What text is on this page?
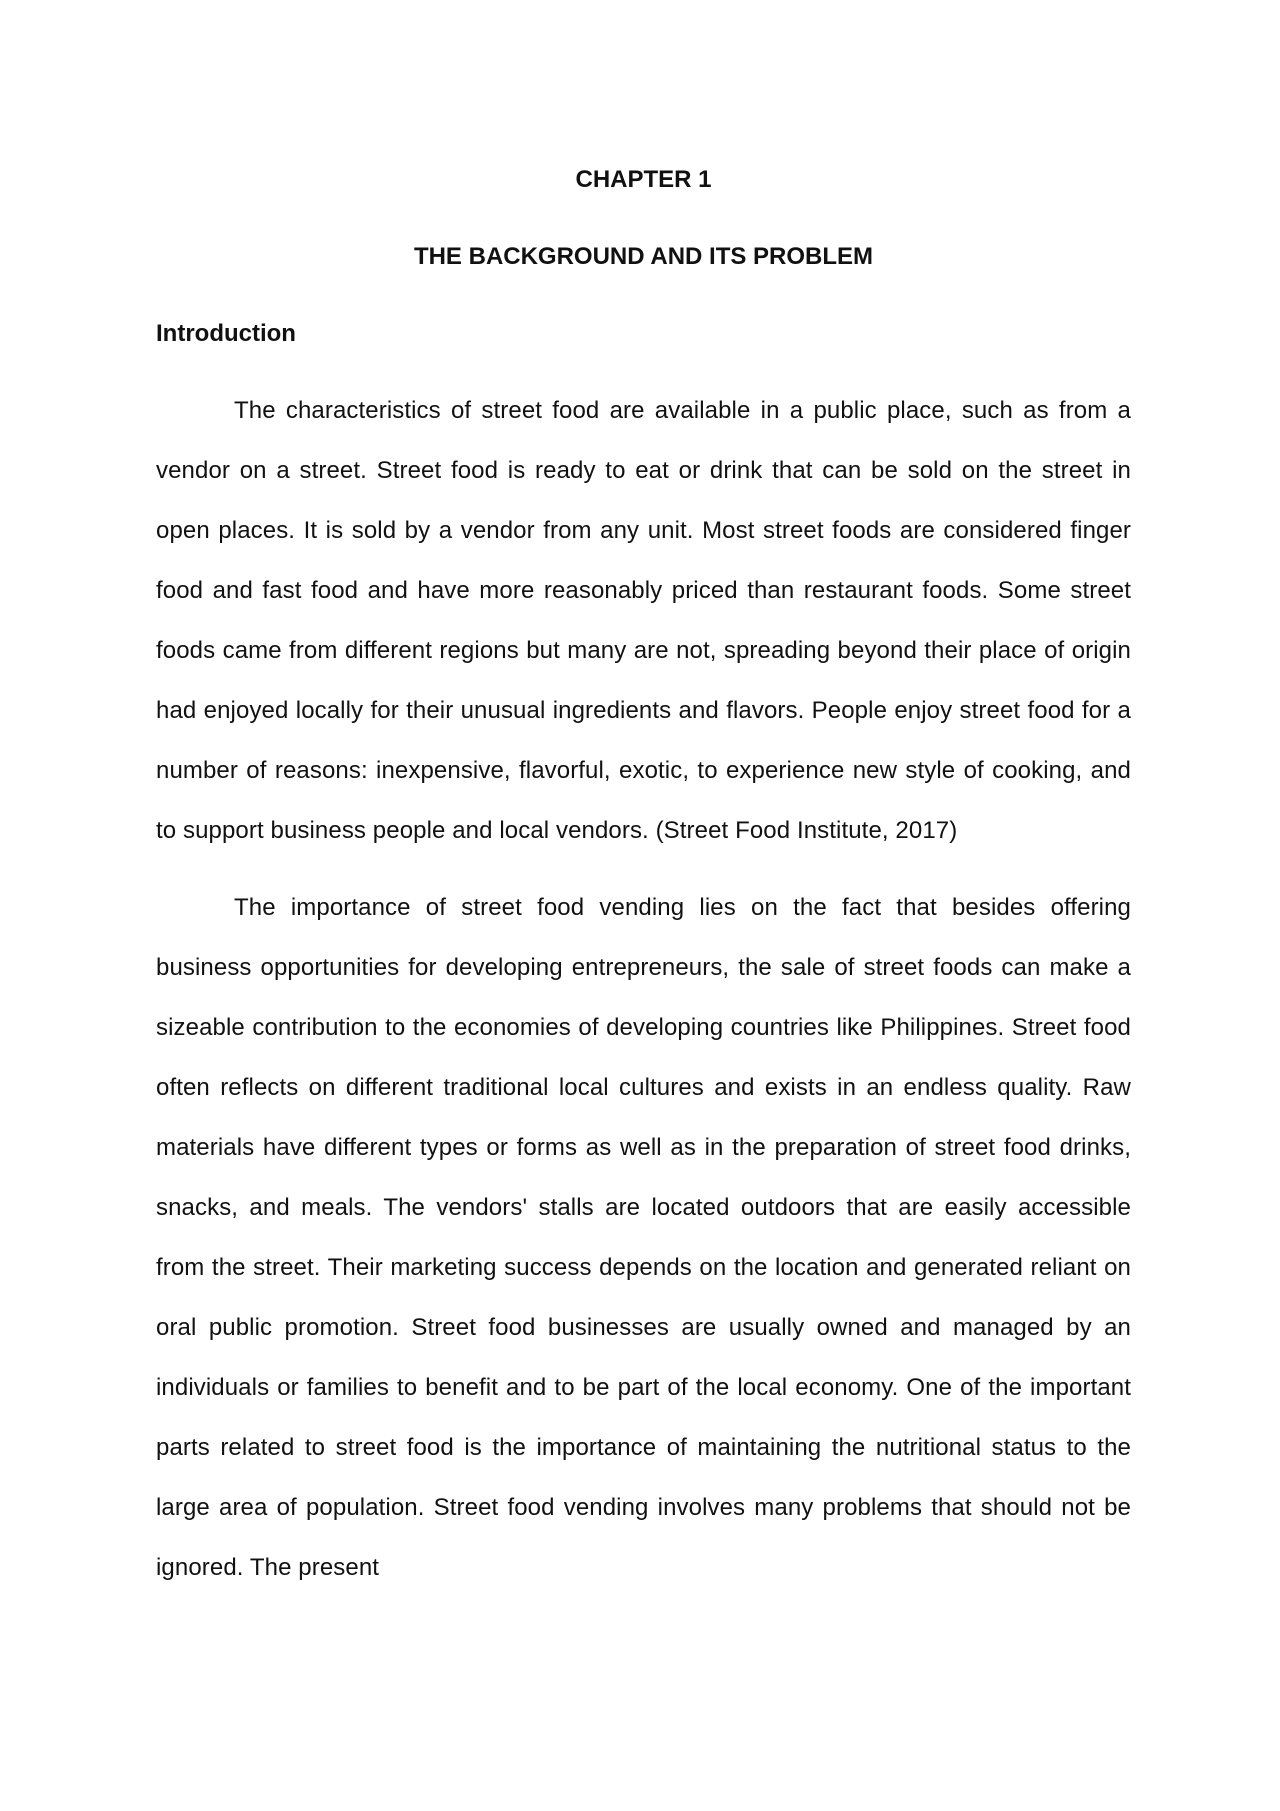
CHAPTER 1
THE BACKGROUND AND ITS PROBLEM
Introduction

The characteristics of street food are available in a public place, such as from a vendor on a street. Street food is ready to eat or drink that can be sold on the street in open places. It is sold by a vendor from any unit. Most street foods are considered finger food and fast food and have more reasonably priced than restaurant foods. Some street foods came from different regions but many are not, spreading beyond their place of origin had enjoyed locally for their unusual ingredients and flavors. People enjoy street food for a number of reasons: inexpensive, flavorful, exotic, to experience new style of cooking, and to support business people and local vendors. (Street Food Institute, 2017)

The importance of street food vending lies on the fact that besides offering business opportunities for developing entrepreneurs, the sale of street foods can make a sizeable contribution to the economies of developing countries like Philippines. Street food often reflects on different traditional local cultures and exists in an endless quality. Raw materials have different types or forms as well as in the preparation of street food drinks, snacks, and meals. The vendors' stalls are located outdoors that are easily accessible from the street. Their marketing success depends on the location and generated reliant on oral public promotion. Street food businesses are usually owned and managed by an individuals or families to benefit and to be part of the local economy. One of the important parts related to street food is the importance of maintaining the nutritional status to the large area of population. Street food vending involves many problems that should not be ignored. The present
